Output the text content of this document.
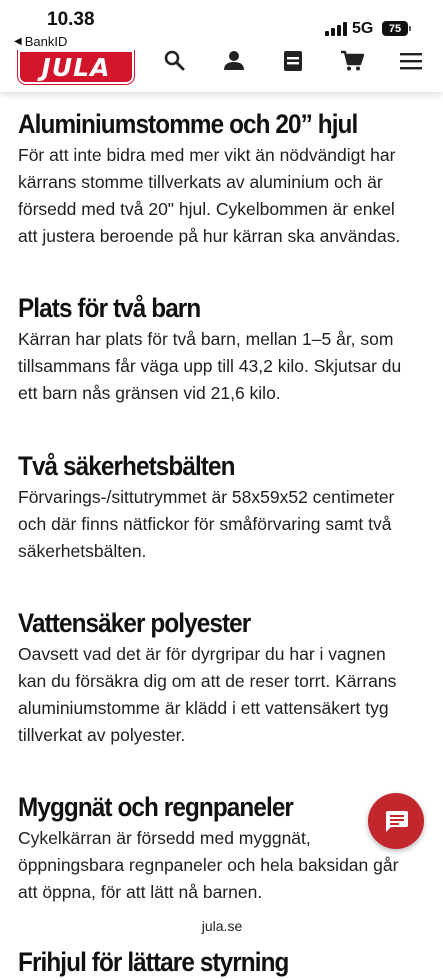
10.38
◀ BankID
5G 75
JULA
Aluminiumstomme och 20” hjul

För att inte bidra med mer vikt än nödvändigt har
kärrans stomme tillverkats av aluminium och är
försedd med två 20" hjul. Cykelbommen är enkel
att justera beroende på hur kärran ska användas.

Plats för två barn

Kärran har plats för två barn, mellan 1–5 år, som
tillsammans får väga upp till 43,2 kilo. Skjutsar du
ett barn nås gränsen vid 21,6 kilo.

Två säkerhetsbälten

Förvarings-/sittutrymmet är 58x59x52 centimeter
och där finns nätfickor för småförvaring samt två
säkerhetsbälten.

Vattensäker polyester

Oavsett vad det är för dyrgripar du har i vagnen
kan du försäkra dig om att de reser torrt. Kärrans
aluminiumstomme är klädd i ett vattensäkert tyg
tillverkat av polyester.

Myggnät och regnpaneler

Cykelkärran är försedd med myggnät,
öppningsbara regnpaneler och hela baksidan går
att öppna, för att lätt nå barnen.

Frihjul för lättare styrning
jula.se
